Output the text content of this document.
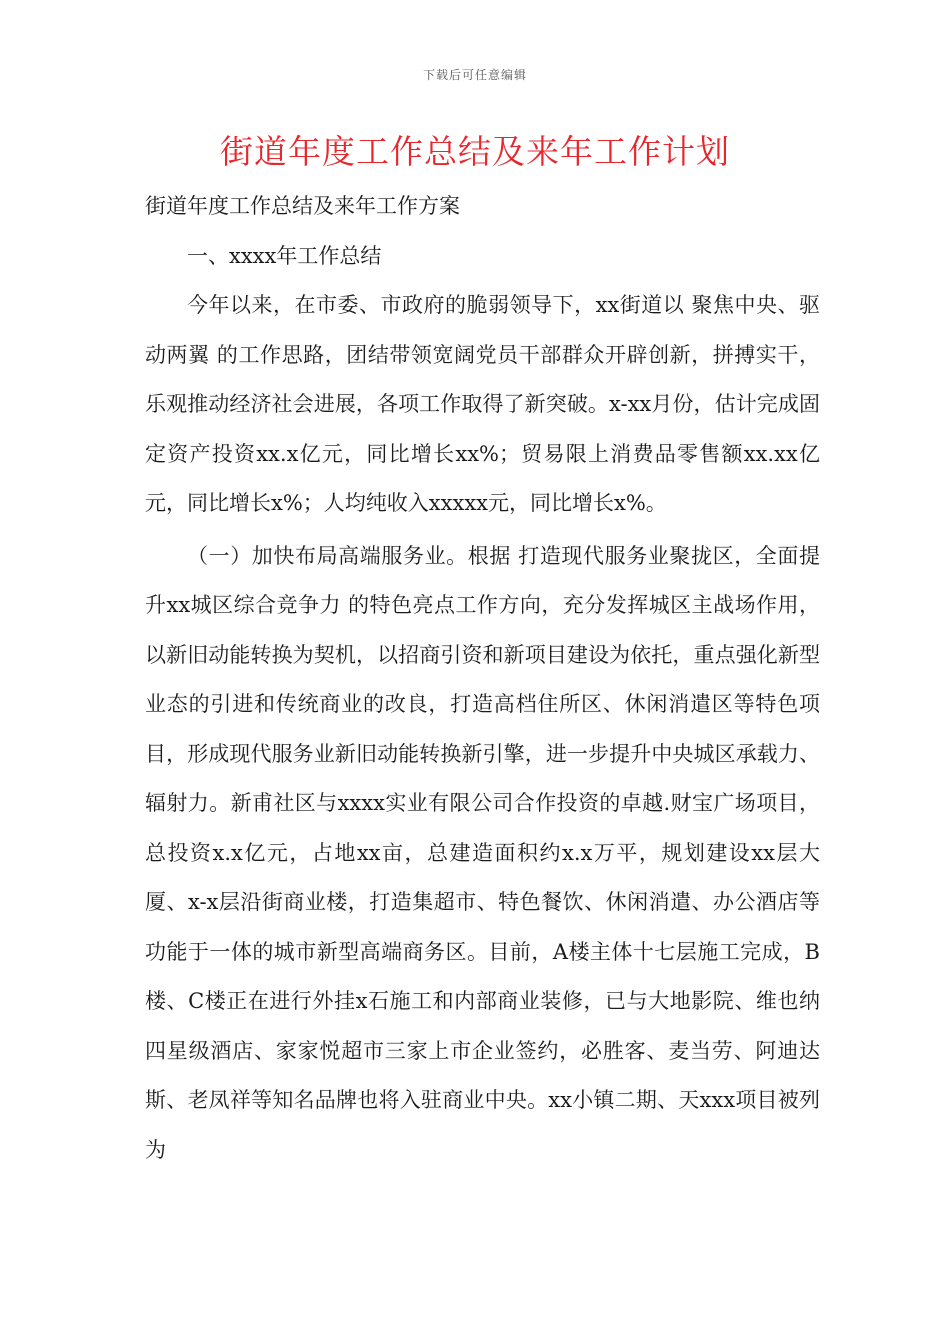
下载后可任意编辑
街道年度工作总结及来年工作计划

街道年度工作总结及来年工作方案

一、xxxx年工作总结

今年以来，在市委、市政府的脆弱领导下，xx街道以 聚焦中央、驱动两翼 的工作思路，团结带领宽阔党员干部群众开辟创新，拼搏实干，乐观推动经济社会进展，各项工作取得了新突破。x-xx月份，估计完成固定资产投资xx.x亿元，同比增长xx%；贸易限上消费品零售额xx.xx亿元，同比增长x%；人均纯收入xxxxx元，同比增长x%。

（一）加快布局高端服务业。根据 打造现代服务业聚拢区，全面提升xx城区综合竞争力 的特色亮点工作方向，充分发挥城区主战场作用，以新旧动能转换为契机，以招商引资和新项目建设为依托，重点强化新型业态的引进和传统商业的改良，打造高档住所区、休闲消遣区等特色项目，形成现代服务业新旧动能转换新引擎，进一步提升中央城区承载力、辐射力。新甫社区与xxxx实业有限公司合作投资的卓越.财宝广场项目，总投资x.x亿元，占地xx亩，总建造面积约x.x万平，规划建设xx层大厦、x-x层沿街商业楼，打造集超市、特色餐饮、休闲消遣、办公酒店等功能于一体的城市新型高端商务区。目前，A楼主体十七层施工完成，B楼、C楼正在进行外挂x石施工和内部商业装修，已与大地影院、维也纳四星级酒店、家家悦超市三家上市企业签约，必胜客、麦当劳、阿迪达斯、老凤祥等知名品牌也将入驻商业中央。xx小镇二期、天xxx项目被列为
